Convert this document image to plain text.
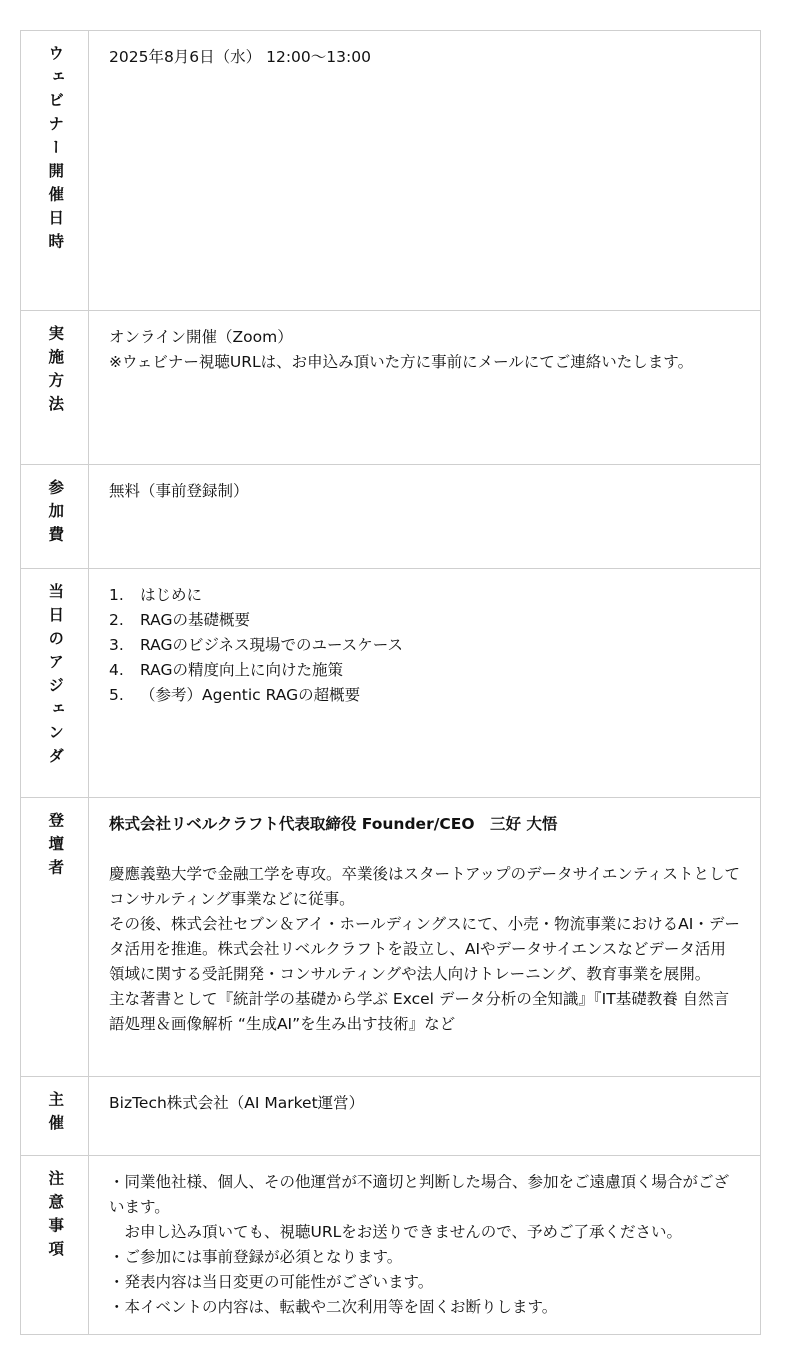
ウェビナー開催日時	2025年8月6日（水） 12:00〜13:00
実施方法	オンライン開催（Zoom）
※ウェビナー視聴URLは、お申込み頂いた方に事前にメールにてご連絡いたします。
参加費	無料（事前登録制）
当日のアジェンダ	1.	はじめに
2.	RAGの基礎概要
3.	RAGのビジネス現場でのユースケース
4.	RAGの精度向上に向けた施策
5.	（参考）Agentic RAGの超概要
登壇者	株式会社リベルクラフト代表取締役 Founder/CEO　三好 大悟
慶應義塾大学で金融工学を専攻。卒業後はスタートアップのデータサイエンティストとしてコンサルティング事業などに従事。
その後、株式会社セブン＆アイ・ホールディングスにて、小売・物流事業におけるAI・データ活用を推進。株式会社リベルクラフトを設立し、AIやデータサイエンスなどデータ活用領域に関する受託開発・コンサルティングや法人向けトレーニング、教育事業を展開。
主な著書として『統計学の基礎から学ぶ Excel データ分析の全知識』『IT基礎教養 自然言語処理＆画像解析 “生成AI”を生み出す技術』など
主催	BizTech株式会社（AI Market運営）
注意事項	・同業他社様、個人、その他運営が不適切と判断した場合、参加をご遠慮頂く場合がございます。
　お申し込み頂いても、視聴URLをお送りできませんので、予めご了承ください。
・ご参加には事前登録が必須となります。
・発表内容は当日変更の可能性がございます。
・本イベントの内容は、転載や二次利用等を固くお断りします。
